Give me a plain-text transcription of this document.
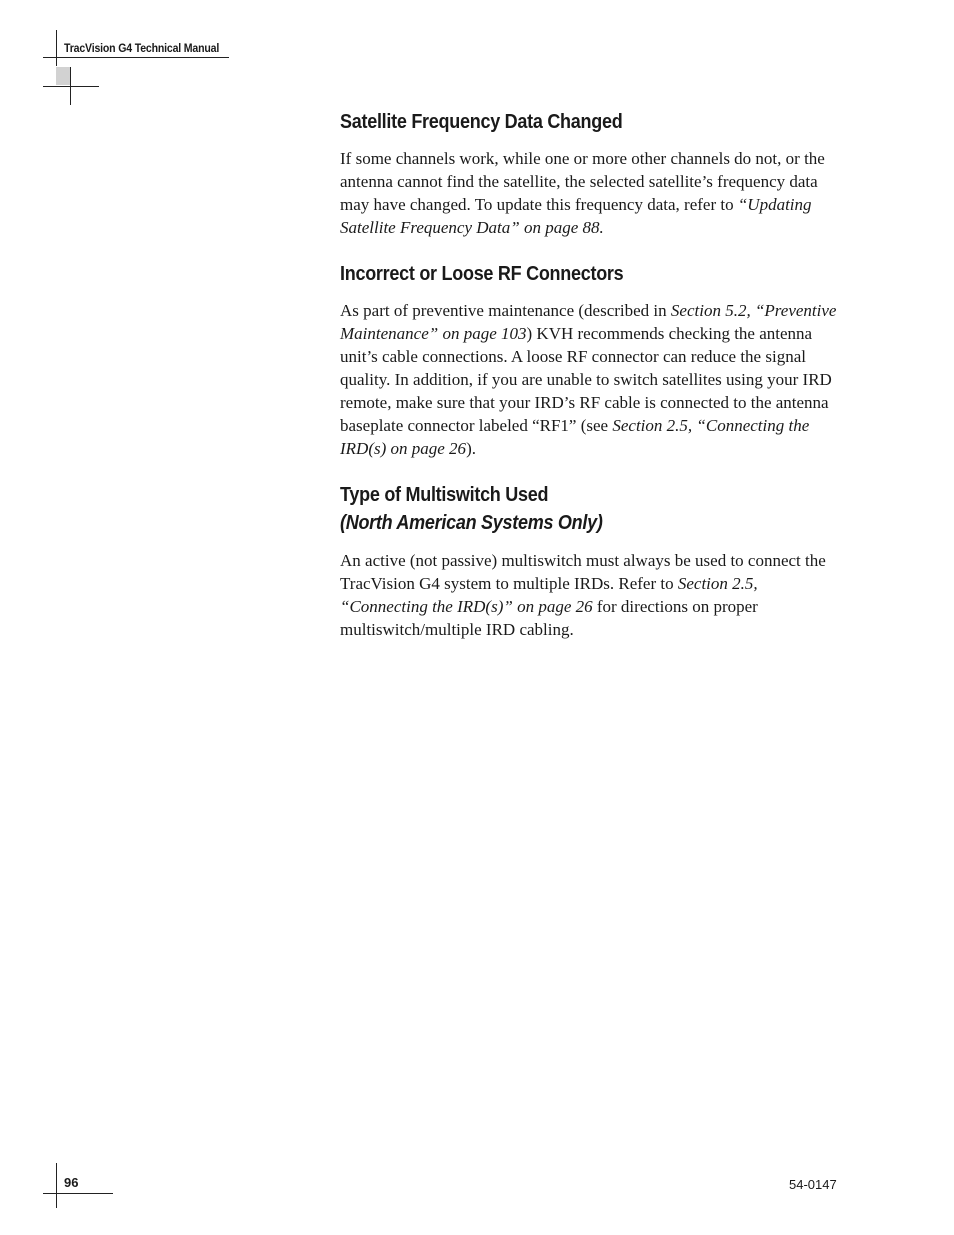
TracVision G4 Technical Manual
Satellite Frequency Data Changed

If some channels work, while one or more other channels do not, or the antenna cannot find the satellite, the selected satellite’s frequency data may have changed. To update this frequency data, refer to “Updating Satellite Frequency Data” on page 88.

Incorrect or Loose RF Connectors

As part of preventive maintenance (described in Section 5.2, “Preventive Maintenance” on page 103) KVH recommends checking the antenna unit’s cable connections. A loose RF connector can reduce the signal quality. In addition, if you are unable to switch satellites using your IRD remote, make sure that your IRD’s RF cable is connected to the antenna baseplate connector labeled “RF1” (see Section 2.5, “Connecting the IRD(s) on page 26).

Type of Multiswitch Used
(North American Systems Only)

An active (not passive) multiswitch must always be used to connect the TracVision G4 system to multiple IRDs. Refer to Section 2.5, “Connecting the IRD(s)” on page 26 for directions on proper multiswitch/multiple IRD cabling.

96	54-0147
